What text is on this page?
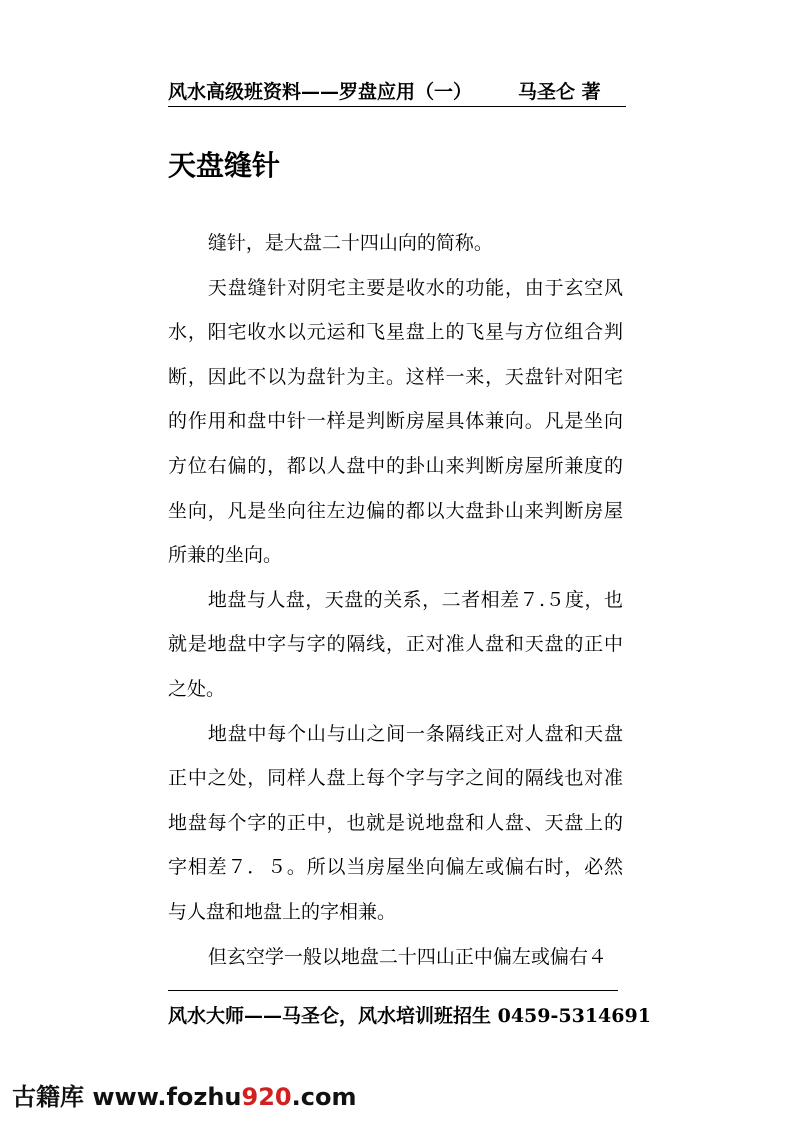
风水高级班资料——罗盘应用（一） 马圣仑 著
天盘缝针

缝针，是大盘二十四山向的简称。

天盘缝针对阴宅主要是收水的功能，由于玄空风水，阳宅收水以元运和飞星盘上的飞星与方位组合判断，因此不以为盘针为主。这样一来，天盘针对阳宅的作用和盘中针一样是判断房屋具体兼向。凡是坐向方位右偏的，都以人盘中的卦山来判断房屋所兼度的坐向，凡是坐向往左边偏的都以大盘卦山来判断房屋所兼的坐向。

地盘与人盘，天盘的关系，二者相差７.５度，也就是地盘中字与字的隔线，正对准人盘和天盘的正中之处。

地盘中每个山与山之间一条隔线正对人盘和天盘正中之处，同样人盘上每个字与字之间的隔线也对准地盘每个字的正中，也就是说地盘和人盘、天盘上的字相差７．５。所以当房屋坐向偏左或偏右时，必然与人盘和地盘上的字相兼。

但玄空学一般以地盘二十四山正中偏左或偏右４

风水大师——马圣仑，风水培训班招生 0459-5314691
古籍库 www.fozhu920.com
